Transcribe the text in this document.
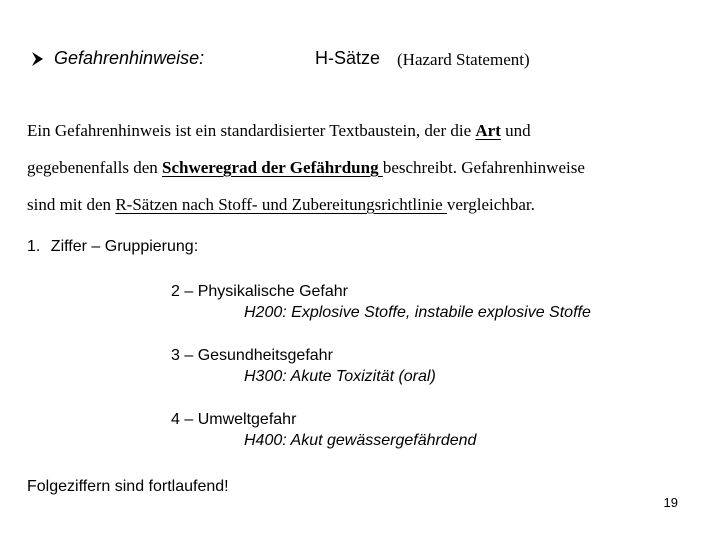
Gefahrenhinweise:	H-Sätze (Hazard Statement)
Ein Gefahrenhinweis ist ein standardisierter Textbaustein, der die Art und
gegebenenfalls den Schweregrad der Gefährdung beschreibt. Gefahrenhinweise
sind mit den R-Sätzen nach Stoff- und Zubereitungsrichtlinie vergleichbar.
1. Ziffer – Gruppierung:
2 – Physikalische Gefahr
H200: Explosive Stoffe, instabile explosive Stoffe
3 – Gesundheitsgefahr
H300: Akute Toxizität (oral)
4 – Umweltgefahr
H400: Akut gewässergefährdend
Folgeziffern sind fortlaufend!
19
